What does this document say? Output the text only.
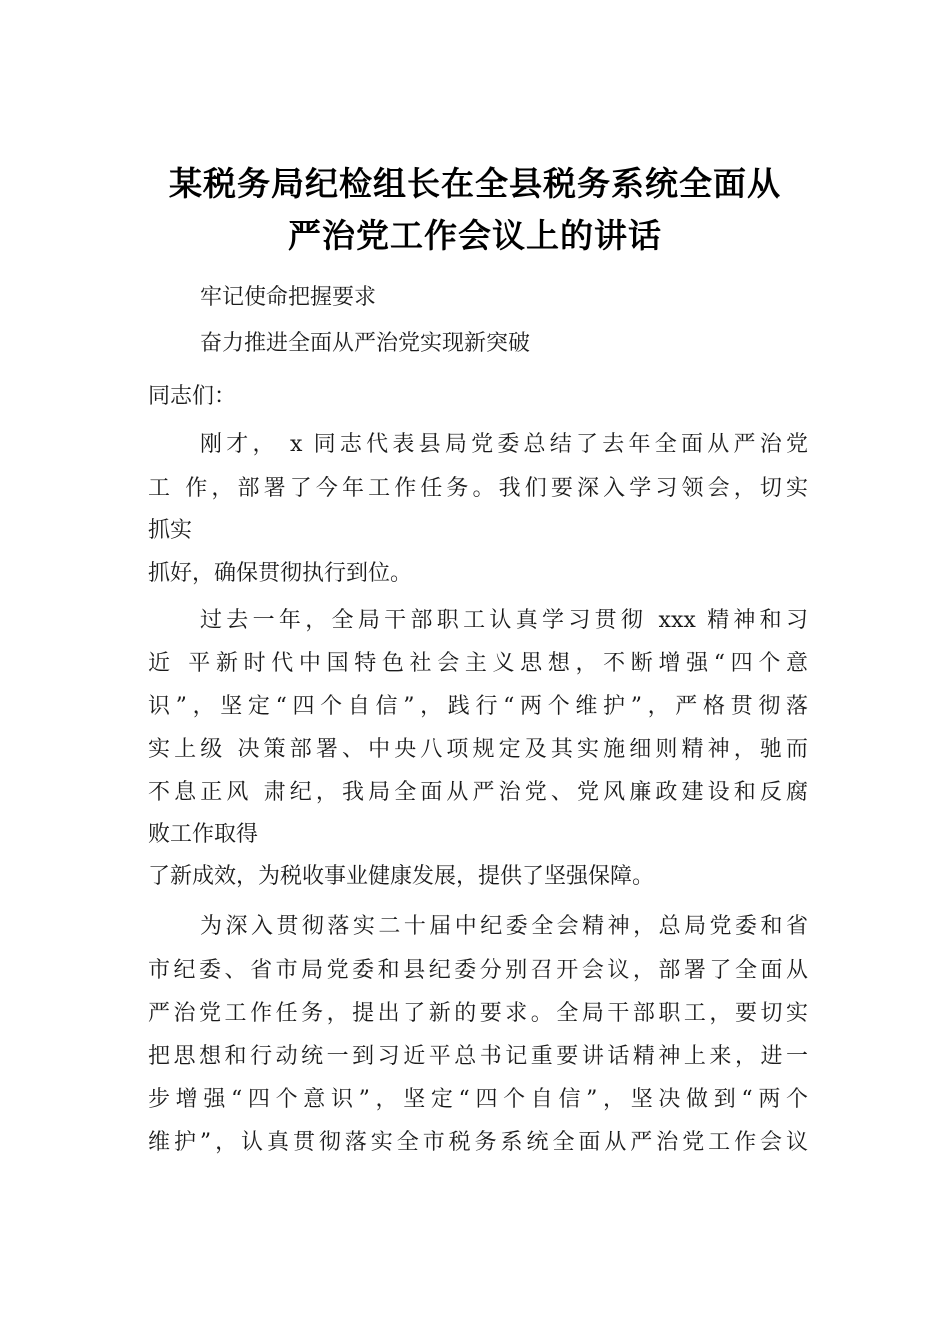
某税务局纪检组长在全县税务系统全面从
严治党工作会议上的讲话
牢记使命把握要求
奋力推进全面从严治党实现新突破
同志们：
刚才， x 同志代表县局党委总结了去年全面从严治党
工 作，部署了今年工作任务。我们要深入学习领会，切实
抓实
抓好，确保贯彻执行到位。
过去一年，全局干部职工认真学习贯彻 xxx 精神和习
近 平新时代中国特色社会主义思想，不断增强“四个意
识”，坚定“四个自信”，践行“两个维护”，严格贯彻落
实上级 决策部署、中央八项规定及其实施细则精神，驰而
不息正风 肃纪，我局全面从严治党、党风廉政建设和反腐
败工作取得
了新成效，为税收事业健康发展，提供了坚强保障。
为深入贯彻落实二十届中纪委全会精神，总局党委和省
市纪委、省市局党委和县纪委分别召开会议，部署了全面从
严治党工作任务，提出了新的要求。全局干部职工，要切实
把思想和行动统一到习近平总书记重要讲话精神上来，进一
步增强“四个意识”，坚定“四个自信”，坚决做到“两个
维护”，认真贯彻落实全市税务系统全面从严治党工作会议
